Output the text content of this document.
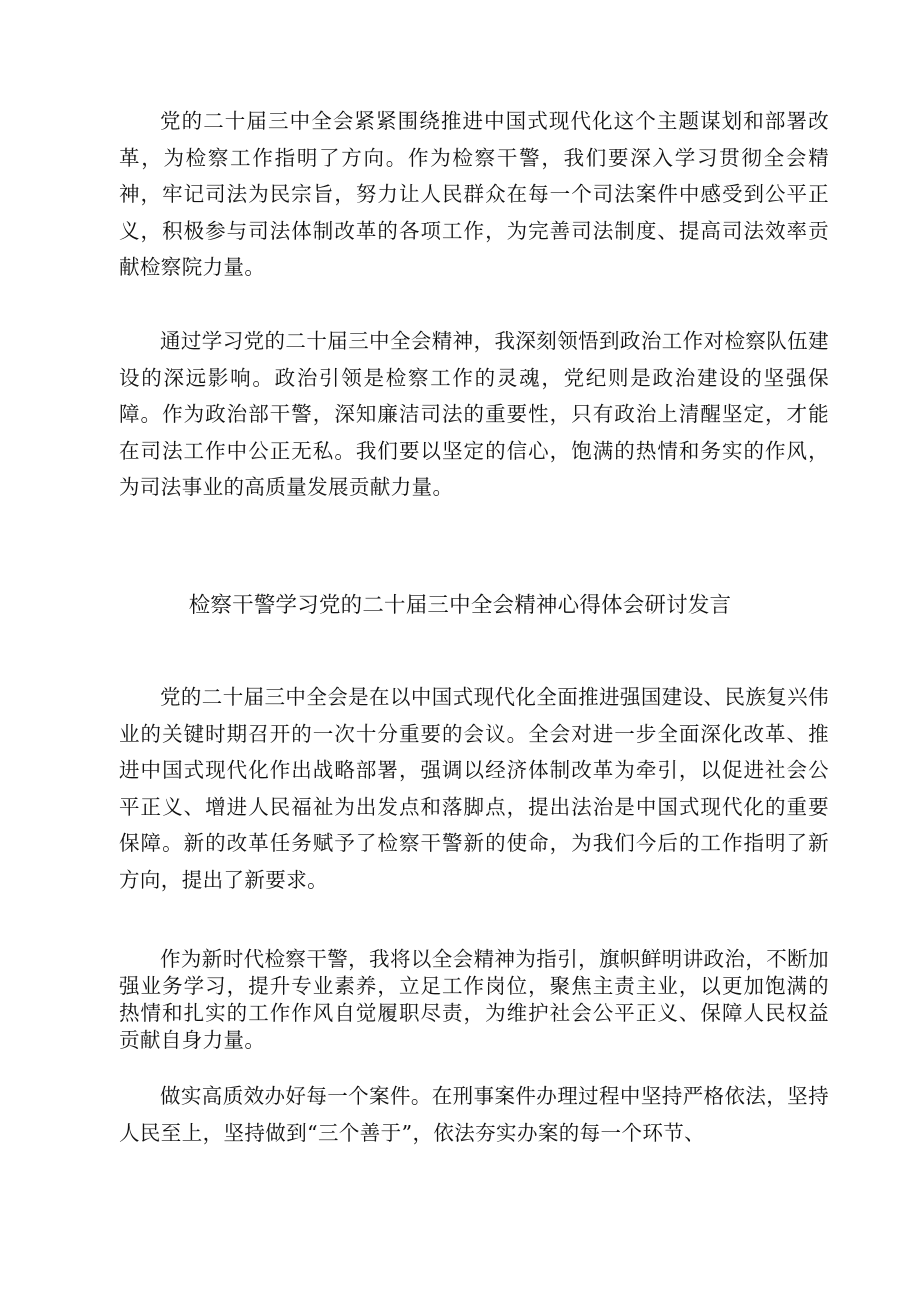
党的二十届三中全会紧紧围绕推进中国式现代化这个主题谋划和部署改革，为检察工作指明了方向。作为检察干警，我们要深入学习贯彻全会精神，牢记司法为民宗旨，努力让人民群众在每一个司法案件中感受到公平正义，积极参与司法体制改革的各项工作，为完善司法制度、提高司法效率贡献检察院力量。

通过学习党的二十届三中全会精神，我深刻领悟到政治工作对检察队伍建设的深远影响。政治引领是检察工作的灵魂，党纪则是政治建设的坚强保障。作为政治部干警，深知廉洁司法的重要性，只有政治上清醒坚定，才能在司法工作中公正无私。我们要以坚定的信心，饱满的热情和务实的作风，为司法事业的高质量发展贡献力量。

检察干警学习党的二十届三中全会精神心得体会研讨发言

党的二十届三中全会是在以中国式现代化全面推进强国建设、民族复兴伟业的关键时期召开的一次十分重要的会议。全会对进一步全面深化改革、推进中国式现代化作出战略部署，强调以经济体制改革为牵引，以促进社会公平正义、增进人民福祉为出发点和落脚点，提出法治是中国式现代化的重要保障。新的改革任务赋予了检察干警新的使命，为我们今后的工作指明了新方向，提出了新要求。

作为新时代检察干警，我将以全会精神为指引，旗帜鲜明讲政治，不断加强业务学习，提升专业素养，立足工作岗位，聚焦主责主业，以更加饱满的热情和扎实的工作作风自觉履职尽责，为维护社会公平正义、保障人民权益贡献自身力量。

做实高质效办好每一个案件。在刑事案件办理过程中坚持严格依法，坚持人民至上，坚持做到“三个善于”，依法夯实办案的每一个环节、
